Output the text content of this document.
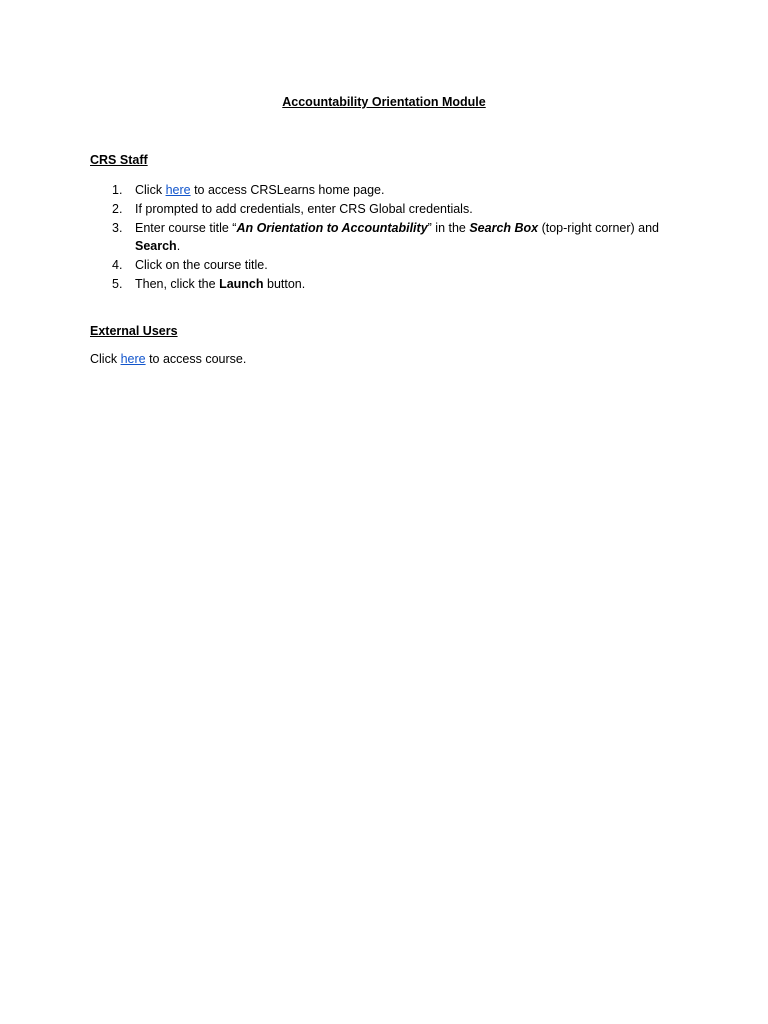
Accountability Orientation Module
CRS Staff
1. Click here to access CRSLearns home page.
2. If prompted to add credentials, enter CRS Global credentials.
3. Enter course title “An Orientation to Accountability” in the Search Box (top-right corner) and Search.
4. Click on the course title.
5. Then, click the Launch button.
External Users
Click here to access course.
